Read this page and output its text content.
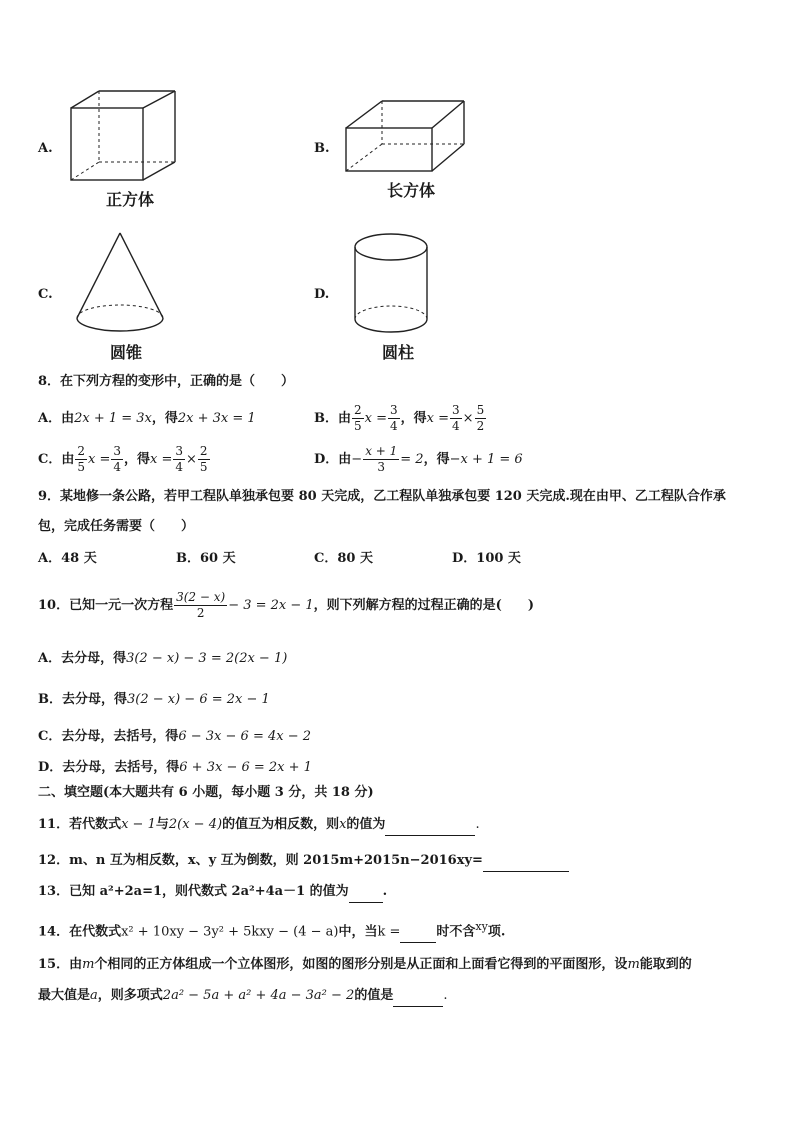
A.
正方体
B.
长方体
C.
圆锥
D.
圆柱
8．在下列方程的变形中，正确的是（　　）
A．由2x + 1 = 3x，得2x + 3x = 1	B．由 $\frac{2}{5}$ $x = \frac{3}{4}$ ，得$x = \frac{3}{4} \times \frac{5}{2}$
C．由 $\frac{2}{5}$ $x = \frac{3}{4}$ ，得$x = \frac{3}{4} \times \frac{2}{5}$	D．由− $\frac{x + 1}{3} = 2$，得−x + 1 = 6
9．某地修一条公路，若甲工程队单独承包要 80 天完成，乙工程队单独承包要 120 天完成.现在由甲、乙工程队合作承
包，完成任务需要（　　）
A．48 天	B．60 天	C．80 天	D．100 天
10．已知一元一次方程 $\frac{3(2 - x)}{2} - 3 = 2x - 1$，则下列解方程的过程正确的是(　　)
A．去分母，得3(2 − x) − 3 = 2(2x − 1)
B．去分母，得3(2 − x) − 6 = 2x − 1
C．去分母，去括号，得6 − 3x − 6 = 4x − 2
D．去分母，去括号，得6 + 3x − 6 = 2x + 1
二、填空题(本大题共有 6 小题，每小题 3 分，共 18 分)
11．若代数式x − 1与2(x − 4)的值互为相反数，则x的值为	.
12．m、n 互为相反数，x、y 互为倒数，则 2015m+2015n−2016xy=
13．已知 a²+2a=1，则代数式 2a²+4a－1 的值为	.
14．在代数式x² + 10xy − 3y² + 5kxy − (4 − a)中，当k =	时不含$^{xy}$项.
15．由m个相同的正方体组成一个立体图形，如图的图形分别是从正面和上面看它得到的平面图形，设m能取到的
最大值是a，则多项式2a² − 5a + a² + 4a − 3a² − 2的值是	.
